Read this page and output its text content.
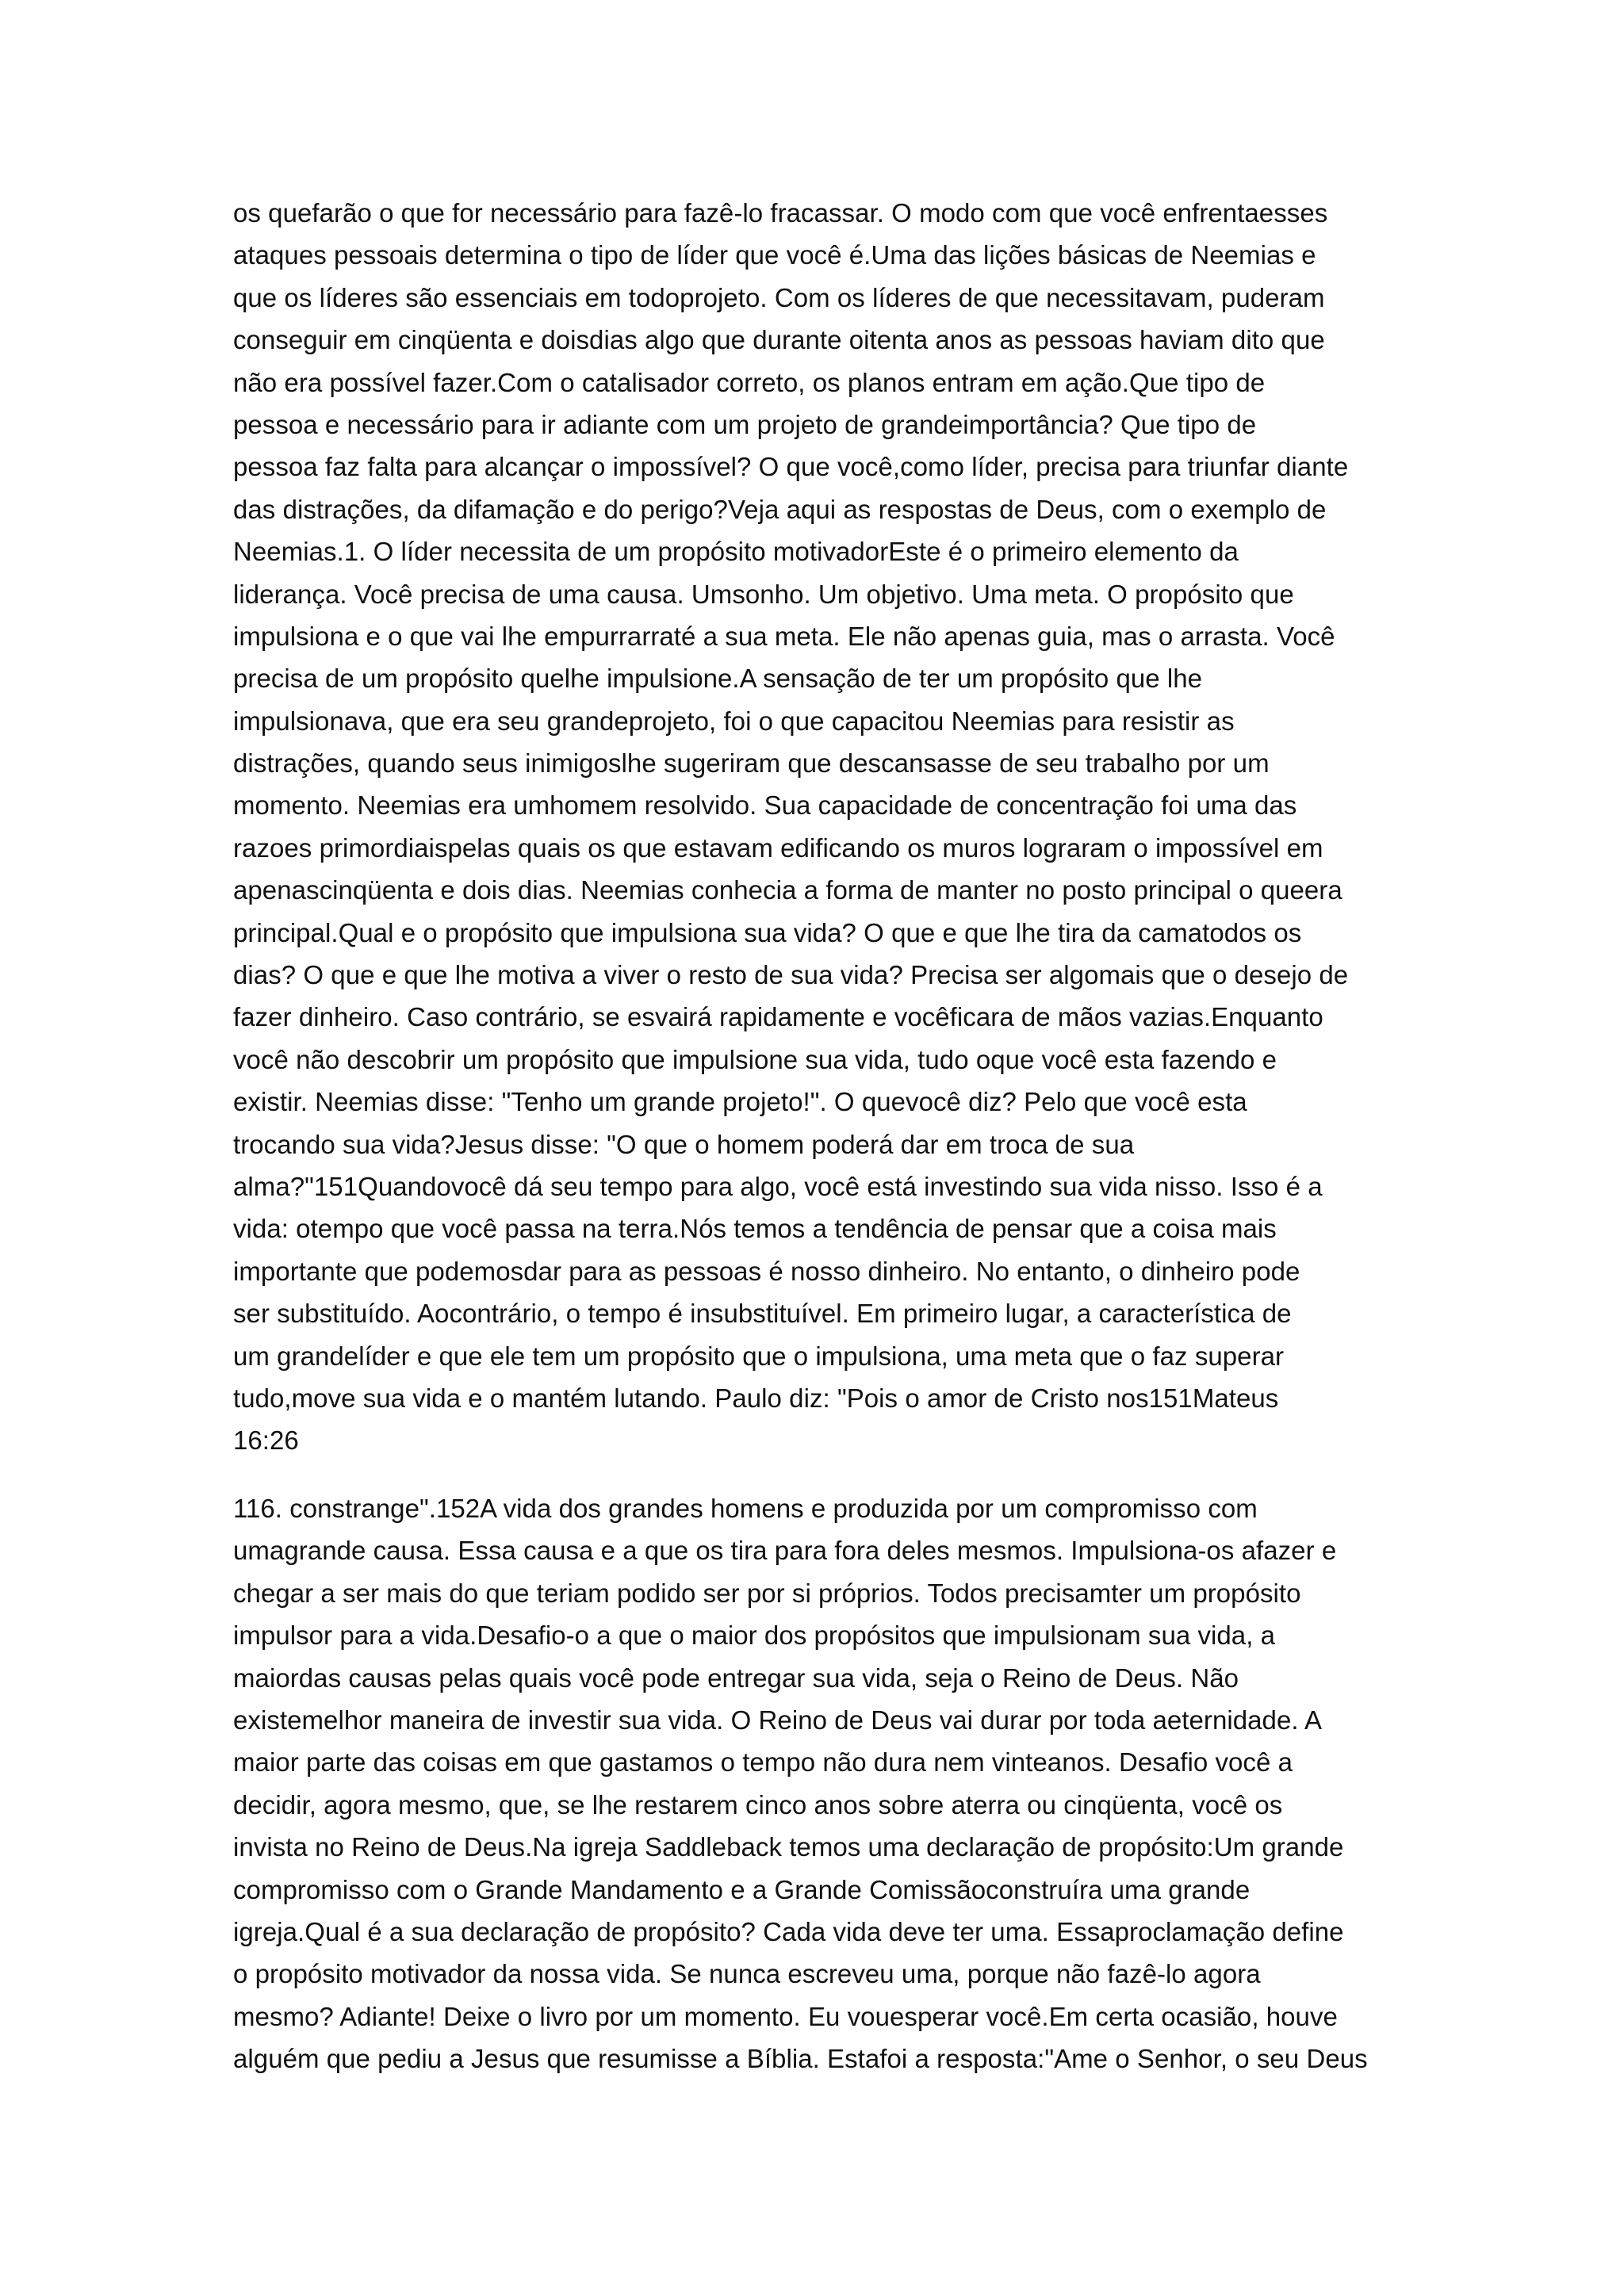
os quefarão o que for necessário para fazê-lo fracassar. O modo com que você enfrentaesses
ataques pessoais determina o tipo de líder que você é.Uma das lições básicas de Neemias e
que os líderes são essenciais em todoprojeto. Com os líderes de que necessitavam, puderam
conseguir em cinqüenta e doisdias algo que durante oitenta anos as pessoas haviam dito que
não era possível fazer.Com o catalisador correto, os planos entram em ação.Que tipo de
pessoa e necessário para ir adiante com um projeto de grandeimportância? Que tipo de
pessoa faz falta para alcançar o impossível? O que você,como líder, precisa para triunfar diante
das distrações, da difamação e do perigo?Veja aqui as respostas de Deus, com o exemplo de
Neemias.1. O líder necessita de um propósito motivadorEste é o primeiro elemento da
liderança. Você precisa de uma causa. Umsonho. Um objetivo. Uma meta. O propósito que
impulsiona e o que vai lhe empurrarraté a sua meta. Ele não apenas guia, mas o arrasta. Você
precisa de um propósito quelhe impulsione.A sensação de ter um propósito que lhe
impulsionava, que era seu grandeprojeto, foi o que capacitou Neemias para resistir as
distrações, quando seus inimigoslhe sugeriram que descansasse de seu trabalho por um
momento. Neemias era umhomem resolvido. Sua capacidade de concentração foi uma das
razoes primordiaispelas quais os que estavam edificando os muros lograram o impossível em
apenascinqüenta e dois dias. Neemias conhecia a forma de manter no posto principal o queera
principal.Qual e o propósito que impulsiona sua vida? O que e que lhe tira da camatodos os
dias? O que e que lhe motiva a viver o resto de sua vida? Precisa ser algomais que o desejo de
fazer dinheiro. Caso contrário, se esvairá rapidamente e vocêficara de mãos vazias.Enquanto
você não descobrir um propósito que impulsione sua vida, tudo oque você esta fazendo e
existir. Neemias disse: "Tenho um grande projeto!". O quevocê diz? Pelo que você esta
trocando sua vida?Jesus disse: "O que o homem poderá dar em troca de sua
alma?"151Quandovocê dá seu tempo para algo, você está investindo sua vida nisso. Isso é a
vida: otempo que você passa na terra.Nós temos a tendência de pensar que a coisa mais
importante que podemosdar para as pessoas é nosso dinheiro. No entanto, o dinheiro pode
ser substituído. Aocontrário, o tempo é insubstituível. Em primeiro lugar, a característica de
um grandelíder e que ele tem um propósito que o impulsiona, uma meta que o faz superar
tudo,move sua vida e o mantém lutando. Paulo diz: "Pois o amor de Cristo nos151Mateus
16:26
116. constrange".152A vida dos grandes homens e produzida por um compromisso com
umagrande causa. Essa causa e a que os tira para fora deles mesmos. Impulsiona-os afazer e
chegar a ser mais do que teriam podido ser por si próprios. Todos precisamter um propósito
impulsor para a vida.Desafio-o a que o maior dos propósitos que impulsionam sua vida, a
maiordas causas pelas quais você pode entregar sua vida, seja o Reino de Deus. Não
existemelhor maneira de investir sua vida. O Reino de Deus vai durar por toda aeternidade. A
maior parte das coisas em que gastamos o tempo não dura nem vinteanos. Desafio você a
decidir, agora mesmo, que, se lhe restarem cinco anos sobre aterra ou cinqüenta, você os
invista no Reino de Deus.Na igreja Saddleback temos uma declaração de propósito:Um grande
compromisso com o Grande Mandamento e a Grande Comissãoconstruíra uma grande
igreja.Qual é a sua declaração de propósito? Cada vida deve ter uma. Essaproclamação define
o propósito motivador da nossa vida. Se nunca escreveu uma, porque não fazê-lo agora
mesmo? Adiante! Deixe o livro por um momento. Eu vouesperar você.Em certa ocasião, houve
alguém que pediu a Jesus que resumisse a Bíblia. Estafoi a resposta:"Ame o Senhor, o seu Deus
